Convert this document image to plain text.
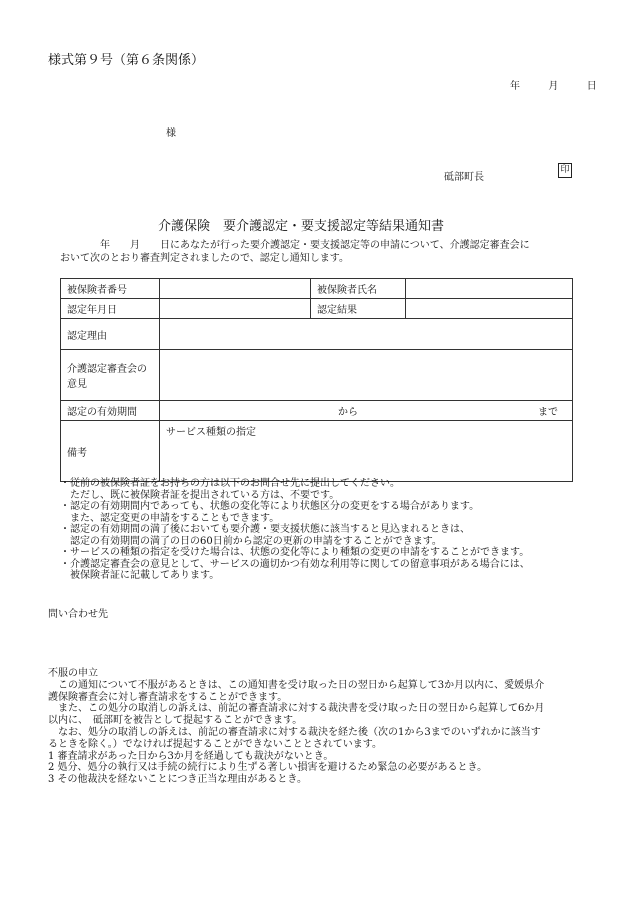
様式第９号（第６条関係）
年	月	日
様
砥部町長
印
介護保険　要介護認定・要支援認定等結果通知書

年　　月　　日にあなたが行った要介護認定・要支援認定等の申請について、介護認定審査会に

おいて次のとおり審査判定されましたので、認定し通知します。

被保険者番号		被保険者氏名	
認定年月日		認定結果	
認定理由			

介護認定審査会の
意見			

認定の有効期間	から まで		

備考	サービス種類の指定		

・従前の被保険者証をお持ちの方は以下のお問合せ先に提出してください。

ただし、既に被保険者証を提出されている方は、不要です。

・認定の有効期間内であっても、状態の変化等により状態区分の変更をする場合があります。

また、認定変更の申請をすることもできます。

・認定の有効期間の満了後においても要介護・要支援状態に該当すると見込まれるときは、

認定の有効期間の満了の日の60日前から認定の更新の申請をすることができます。

・サービスの種類の指定を受けた場合は、状態の変化等により種類の変更の申請をすることができます。

・介護認定審査会の意見として、サービスの適切かつ有効な利用等に関しての留意事項がある場合には、

被保険者証に記載してあります。

問い合わせ先

不服の申立

この通知について不服があるときは、この通知書を受け取った日の翌日から起算して3か月以内に、愛媛県介

護保険審査会に対し審査請求をすることができます。

また、この処分の取消しの訴えは、前記の審査請求に対する裁決書を受け取った日の翌日から起算して6か月

以内に、　砥部町を被告として提起することができます。

なお、処分の取消しの訴えは、前記の審査請求に対する裁決を経た後（次の1から3までのいずれかに該当す

るときを除く。）でなければ提起することができないこととされています。

1 審査請求があった日から3か月を経過しても裁決がないとき。

2 処分、処分の執行又は手続の続行により生ずる著しい損害を避けるため緊急の必要があるとき。

3 その他裁決を経ないことにつき正当な理由があるとき。
